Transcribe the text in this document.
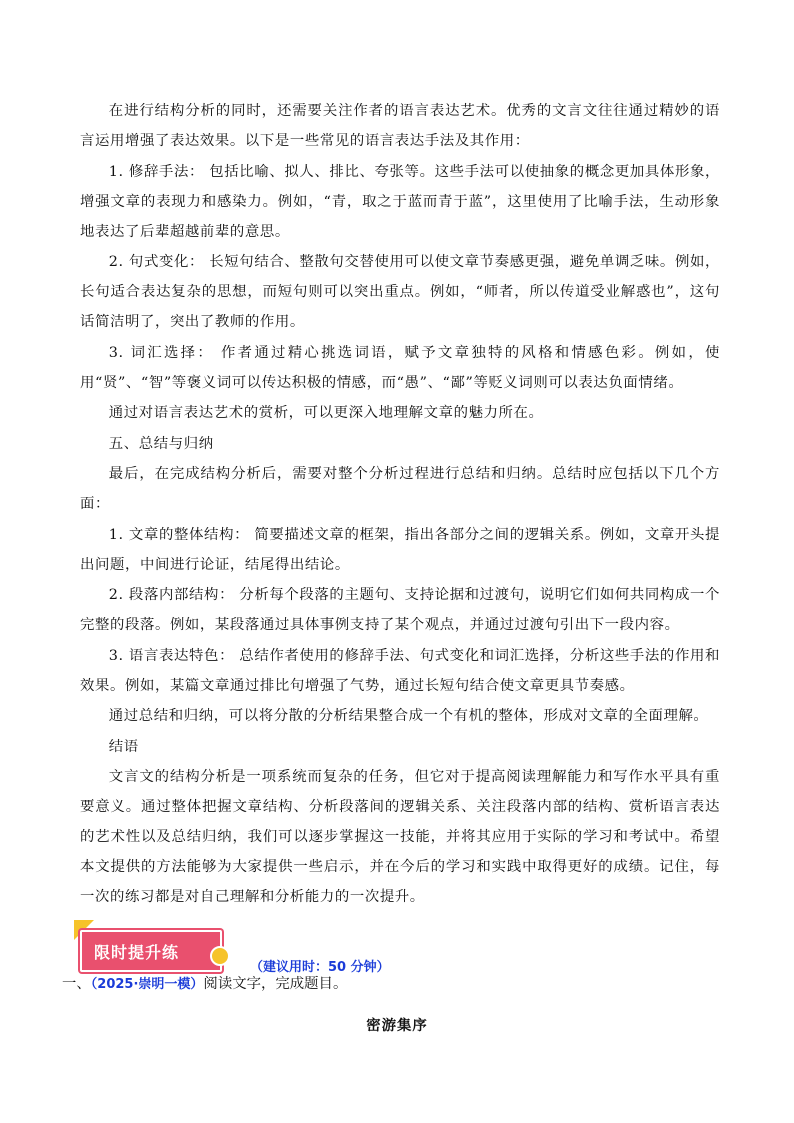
在进行结构分析的同时，还需要关注作者的语言表达艺术。优秀的文言文往往通过精妙的语言运用增强了表达效果。以下是一些常见的语言表达手法及其作用：

1. 修辞手法： 包括比喻、拟人、排比、夸张等。这些手法可以使抽象的概念更加具体形象，增强文章的表现力和感染力。例如，“青，取之于蓝而青于蓝”，这里使用了比喻手法，生动形象地表达了后辈超越前辈的意思。

2. 句式变化： 长短句结合、整散句交替使用可以使文章节奏感更强，避免单调乏味。例如，长句适合表达复杂的思想，而短句则可以突出重点。例如，“师者，所以传道受业解惑也”，这句话简洁明了，突出了教师的作用。

3. 词汇选择： 作者通过精心挑选词语，赋予文章独特的风格和情感色彩。例如，使用“贤”、“智”等褒义词可以传达积极的情感，而“愚”、“鄙”等贬义词则可以表达负面情绪。

通过对语言表达艺术的赏析，可以更深入地理解文章的魅力所在。

五、总结与归纳

最后，在完成结构分析后，需要对整个分析过程进行总结和归纳。总结时应包括以下几个方面：

1. 文章的整体结构： 简要描述文章的框架，指出各部分之间的逻辑关系。例如，文章开头提出问题，中间进行论证，结尾得出结论。

2. 段落内部结构： 分析每个段落的主题句、支持论据和过渡句，说明它们如何共同构成一个完整的段落。例如，某段落通过具体事例支持了某个观点，并通过过渡句引出下一段内容。

3. 语言表达特色： 总结作者使用的修辞手法、句式变化和词汇选择，分析这些手法的作用和效果。例如，某篇文章通过排比句增强了气势，通过长短句结合使文章更具节奏感。

通过总结和归纳，可以将分散的分析结果整合成一个有机的整体，形成对文章的全面理解。

结语

文言文的结构分析是一项系统而复杂的任务，但它对于提高阅读理解能力和写作水平具有重要意义。通过整体把握文章结构、分析段落间的逻辑关系、关注段落内部的结构、赏析语言表达的艺术性以及总结归纳，我们可以逐步掌握这一技能，并将其应用于实际的学习和考试中。希望本文提供的方法能够为大家提供一些启示，并在今后的学习和实践中取得更好的成绩。记住，每一次的练习都是对自己理解和分析能力的一次提升。

限时提升练
（建议用时：50 分钟）
一、（2025·崇明一模）阅读文字，完成题目。
密游集序
